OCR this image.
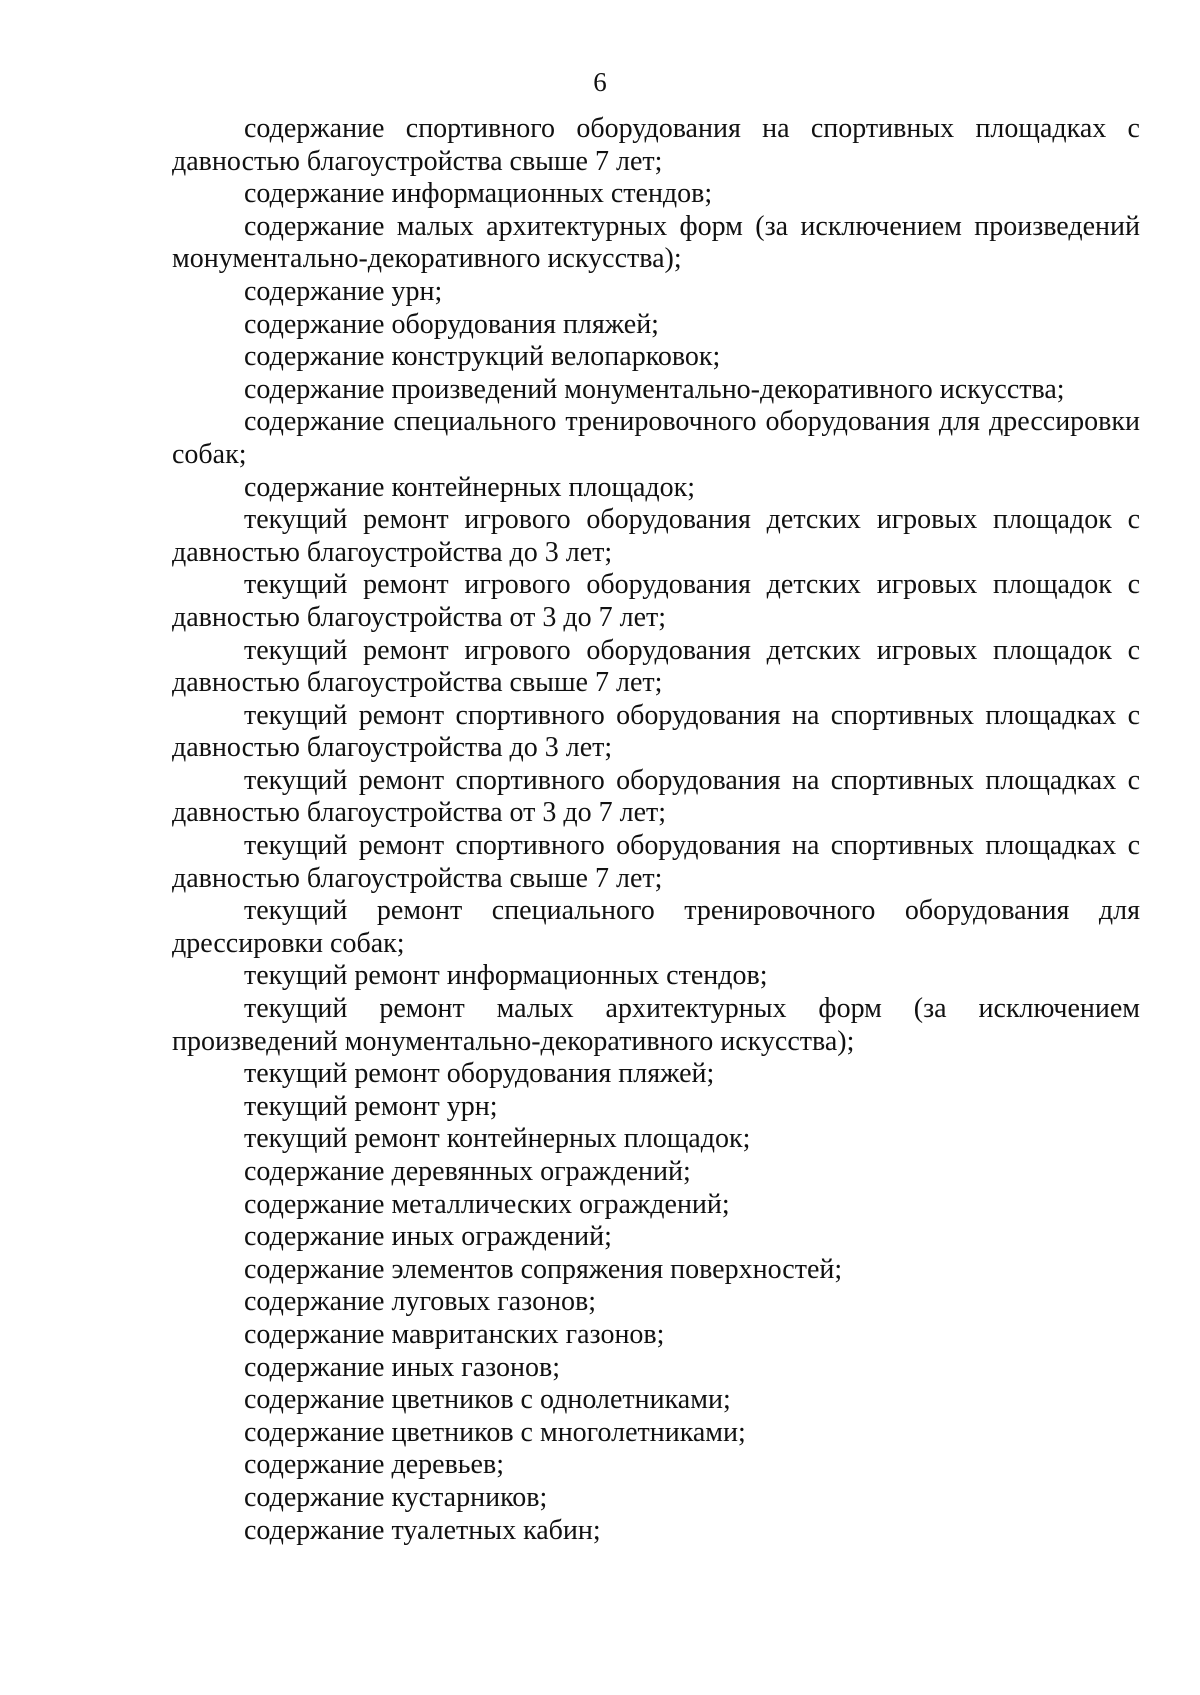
6

содержание спортивного оборудования на спортивных площадках с давностью благоустройства свыше 7 лет;

содержание информационных стендов;

содержание малых архитектурных форм (за исключением произведений монументально-декоративного искусства);

содержание урн;

содержание оборудования пляжей;

содержание конструкций велопарковок;

содержание произведений монументально-декоративного искусства;

содержание специального тренировочного оборудования для дрессировки собак;

содержание контейнерных площадок;

текущий ремонт игрового оборудования детских игровых площадок с давностью благоустройства до 3 лет;

текущий ремонт игрового оборудования детских игровых площадок с давностью благоустройства от 3 до 7 лет;

текущий ремонт игрового оборудования детских игровых площадок с давностью благоустройства свыше 7 лет;

текущий ремонт спортивного оборудования на спортивных площадках с давностью благоустройства до 3 лет;

текущий ремонт спортивного оборудования на спортивных площадках с давностью благоустройства от 3 до 7 лет;

текущий ремонт спортивного оборудования на спортивных площадках с давностью благоустройства свыше 7 лет;

текущий ремонт специального тренировочного оборудования для дрессировки собак;

текущий ремонт информационных стендов;

текущий ремонт малых архитектурных форм (за исключением произведений монументально-декоративного искусства);

текущий ремонт оборудования пляжей;

текущий ремонт урн;

текущий ремонт контейнерных площадок;

содержание деревянных ограждений;

содержание металлических ограждений;

содержание иных ограждений;

содержание элементов сопряжения поверхностей;

содержание луговых газонов;

содержание мавританских газонов;

содержание иных газонов;

содержание цветников с однолетниками;

содержание цветников с многолетниками;

содержание деревьев;

содержание кустарников;

содержание туалетных кабин;
